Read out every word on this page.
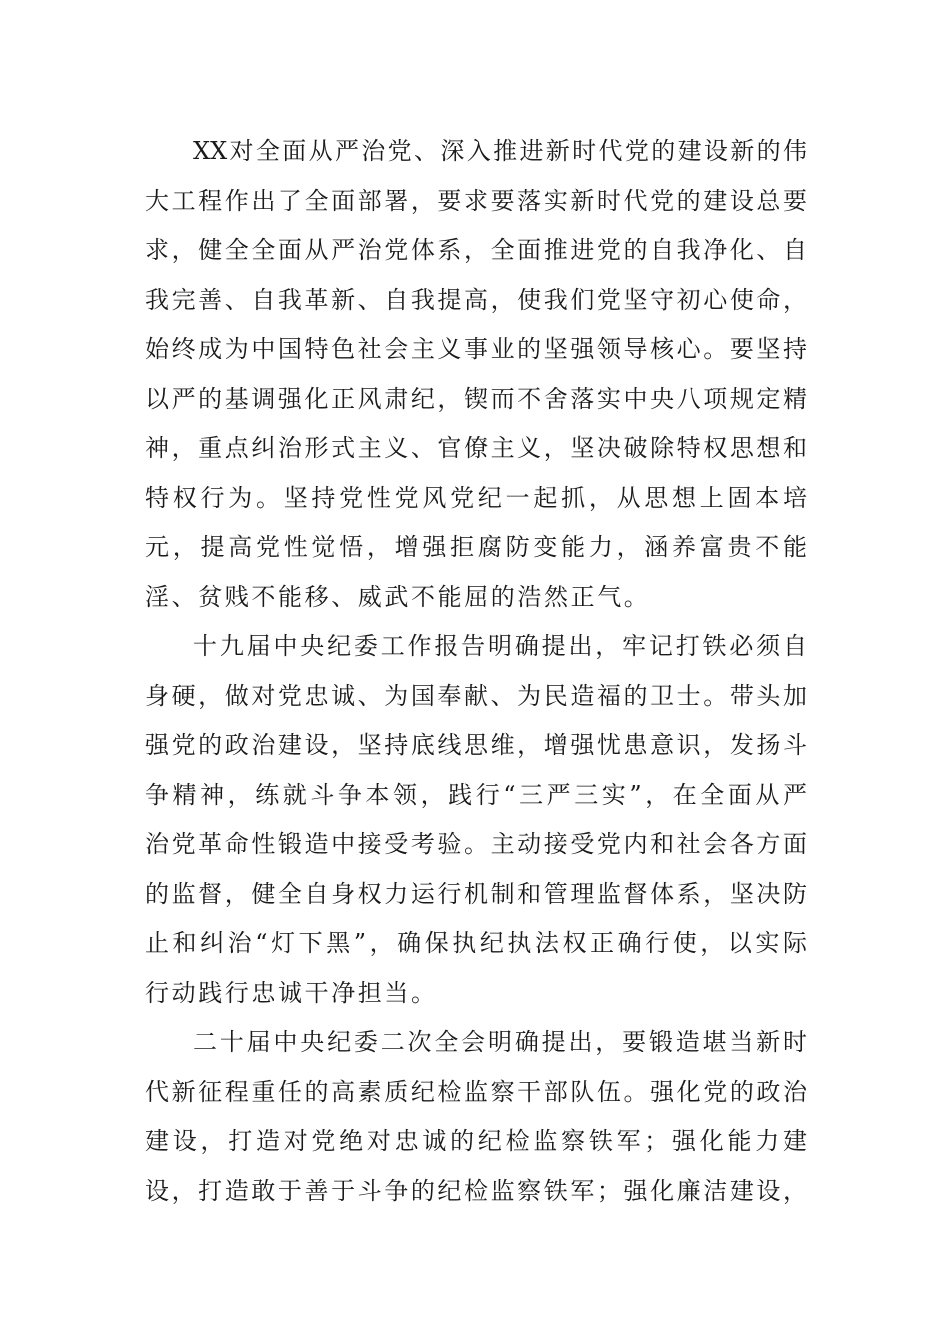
XX对全面从严治党、深入推进新时代党的建设新的伟
大工程作出了全面部署，要求要落实新时代党的建设总要
求，健全全面从严治党体系，全面推进党的自我净化、自
我完善、自我革新、自我提高，使我们党坚守初心使命，
始终成为中国特色社会主义事业的坚强领导核心。要坚持
以严的基调强化正风肃纪，锲而不舍落实中央八项规定精
神，重点纠治形式主义、官僚主义，坚决破除特权思想和
特权行为。坚持党性党风党纪一起抓，从思想上固本培
元，提高党性觉悟，增强拒腐防变能力，涵养富贵不能
淫、贫贱不能移、威武不能屈的浩然正气。
十九届中央纪委工作报告明确提出，牢记打铁必须自
身硬，做对党忠诚、为国奉献、为民造福的卫士。带头加
强党的政治建设，坚持底线思维，增强忧患意识，发扬斗
争精神，练就斗争本领，践行“三严三实”，在全面从严
治党革命性锻造中接受考验。主动接受党内和社会各方面
的监督，健全自身权力运行机制和管理监督体系，坚决防
止和纠治“灯下黑”，确保执纪执法权正确行使，以实际
行动践行忠诚干净担当。
二十届中央纪委二次全会明确提出，要锻造堪当新时
代新征程重任的高素质纪检监察干部队伍。强化党的政治
建设，打造对党绝对忠诚的纪检监察铁军；强化能力建
设，打造敢于善于斗争的纪检监察铁军；强化廉洁建设，
